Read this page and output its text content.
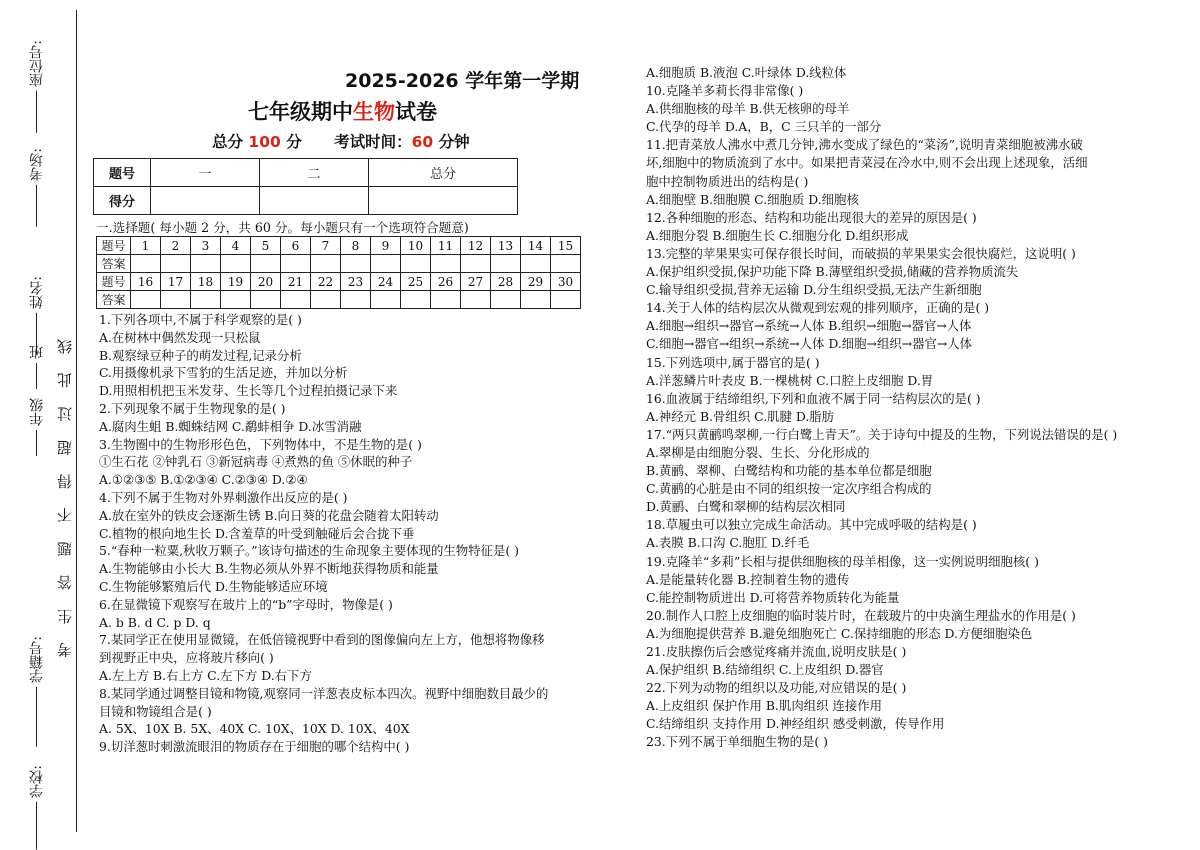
座位号:
考场:
姓名:
班
年级
学籍号:
学校:
考 生 答 题 不 得 超 过 此 线
2025-2026 学年第一学期
七年级期中生物试卷
总分 100 分 考试时间：60 分钟
题号	一	二	总分
得分			
一.选择题( 每小题 2 分，共 60 分。每小题只有一个选项符合题意)
题号	1	2	3	4	5	6	7	8	9	10	11	12	13	14	15
答案															
题号	16	17	18	19	20	21	22	23	24	25	26	27	28	29	30
答案															
1.下列各项中,不属于科学观察的是( )
A.在树林中偶然发现一只松鼠
B.观察绿豆种子的萌发过程,记录分析
C.用摄像机录下雪豹的生活足迹，并加以分析
D.用照相机把玉米发芽、生长等几个过程拍摄记录下来
2.下列现象不属于生物现象的是( )
A.腐肉生蛆 B.蜘蛛结网 C.鹬蚌相争 D.冰雪消融
3.生物圈中的生物形形色色，下列物体中，不是生物的是( )
①生石花 ②钟乳石 ③新冠病毒 ④煮熟的鱼 ⑤休眠的种子
A.①②③⑤ B.①②③④ C.②③④ D.②④
4.下列不属于生物对外界刺激作出反应的是( )
A.放在室外的铁皮会逐渐生锈 B.向日葵的花盘会随着太阳转动
C.植物的根向地生长 D.含羞草的叶受到触碰后会合拢下垂
5.“春种一粒粟,秋收万颗子。”该诗句描述的生命现象主要体现的生物特征是( )
A.生物能够由小长大 B.生物必须从外界不断地获得物质和能量
C.生物能够繁殖后代 D.生物能够适应环境
6.在显微镜下观察写在玻片上的“b”字母时，物像是( )
A. b B. d C. p D. q
7.某同学正在使用显微镜，在低倍镜视野中看到的图像偏向左上方，他想将物像移
到视野正中央，应将玻片移向( )
A.左上方 B.右上方 C.左下方 D.右下方
8.某同学通过调整目镜和物镜,观察同一洋葱表皮标本四次。视野中细胞数目最少的
目镜和物镜组合是( )
A. 5X、10X B. 5X、40X C. 10X、10X D. 10X、40X
9.切洋葱时刺激流眼泪的物质存在于细胞的哪个结构中( )
A.细胞质 B.液泡 C.叶绿体 D.线粒体
10.克隆羊多莉长得非常像( )
A.供细胞核的母羊 B.供无核卵的母羊
C.代孕的母羊 D.A，B，C 三只羊的一部分
11.把青菜放人沸水中煮几分钟,沸水变成了绿色的“菜汤”,说明青菜细胞被沸水破
坏,细胞中的物质流到了水中。如果把青菜浸在冷水中,则不会出现上述现象，活细
胞中控制物质进出的结构是( )
A.细胞壁 B.细胞膜 C.细胞质 D.细胞核
12.各种细胞的形态、结构和功能出现很大的差异的原因是( )
A.细胞分裂 B.细胞生长 C.细胞分化 D.组织形成
13.完整的苹果果实可保存很长时间，而破损的苹果果实会很快腐烂，这说明( )
A.保护组织受损,保护功能下降 B.薄壁组织受损,储藏的营养物质流失
C.输导组织受损,营养无运输 D.分生组织受损,无法产生新细胞
14.关于人体的结构层次从微观到宏观的排列顺序，正确的是( )
A.细胞→组织→器官→系统→人体 B.组织→细胞→器官→人体
C.细胞→器官→组织→系统→人体 D.细胞→组织→器官→人体
15.下列选项中,属于器官的是( )
A.洋葱鳞片叶表皮 B.一棵桃树 C.口腔上皮细胞 D.胃
16.血液属于结缔组织,下列和血液不属于同一结构层次的是( )
A.神经元 B.骨组织 C.肌腱 D.脂肪
17.“两只黄鹂鸣翠柳,一行白鹭上青天”。关于诗句中提及的生物，下列说法错误的是( )
A.翠柳是由细胞分裂、生长、分化形成的
B.黄鹂、翠柳、白鹭结构和功能的基本单位都是细胞
C.黄鹂的心脏是由不同的组织按一定次序组合构成的
D.黄鹂、白鹭和翠柳的结构层次相同
18.草履虫可以独立完成生命活动。其中完成呼吸的结构是( )
A.表膜 B.口沟 C.胞肛 D.纤毛
19.克隆羊“多莉”长相与提供细胞核的母羊相像，这一实例说明细胞核( )
A.是能量转化器 B.控制着生物的遗传
C.能控制物质进出 D.可将营养物质转化为能量
20.制作人口腔上皮细胞的临时装片时，在载玻片的中央滴生理盐水的作用是( )
A.为细胞提供营养 B.避免细胞死亡 C.保持细胞的形态 D.方便细胞染色
21.皮肤擦伤后会感觉疼痛并流血,说明皮肤是( )
A.保护组织 B.结缔组织 C.上皮组织 D.器官
22.下列为动物的组织以及功能,对应错误的是( )
A.上皮组织 保护作用 B.肌肉组织 连接作用
C.结缔组织 支持作用 D.神经组织 感受刺激，传导作用
23.下列不属于单细胞生物的是( )
